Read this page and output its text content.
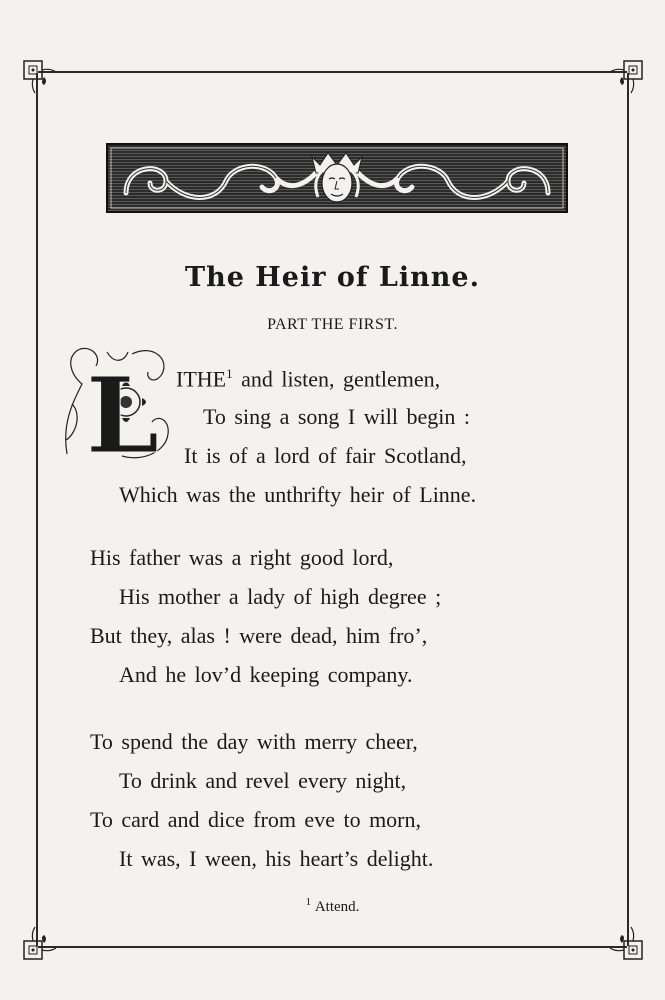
The Heir of Linne.
PART THE FIRST.
L ITHE$^1$ and listen, gentlemen,
To sing a song I will begin :
It is of a lord of fair Scotland,
Which was the unthrifty heir of Linne.
His father was a right good lord,
His mother a lady of high degree ;
But they, alas ! were dead, him fro’,
And he lov’d keeping company.
To spend the day with merry cheer,
To drink and revel every night,
To card and dice from eve to morn,
It was, I ween, his heart’s delight.
$^1$ Attend.
